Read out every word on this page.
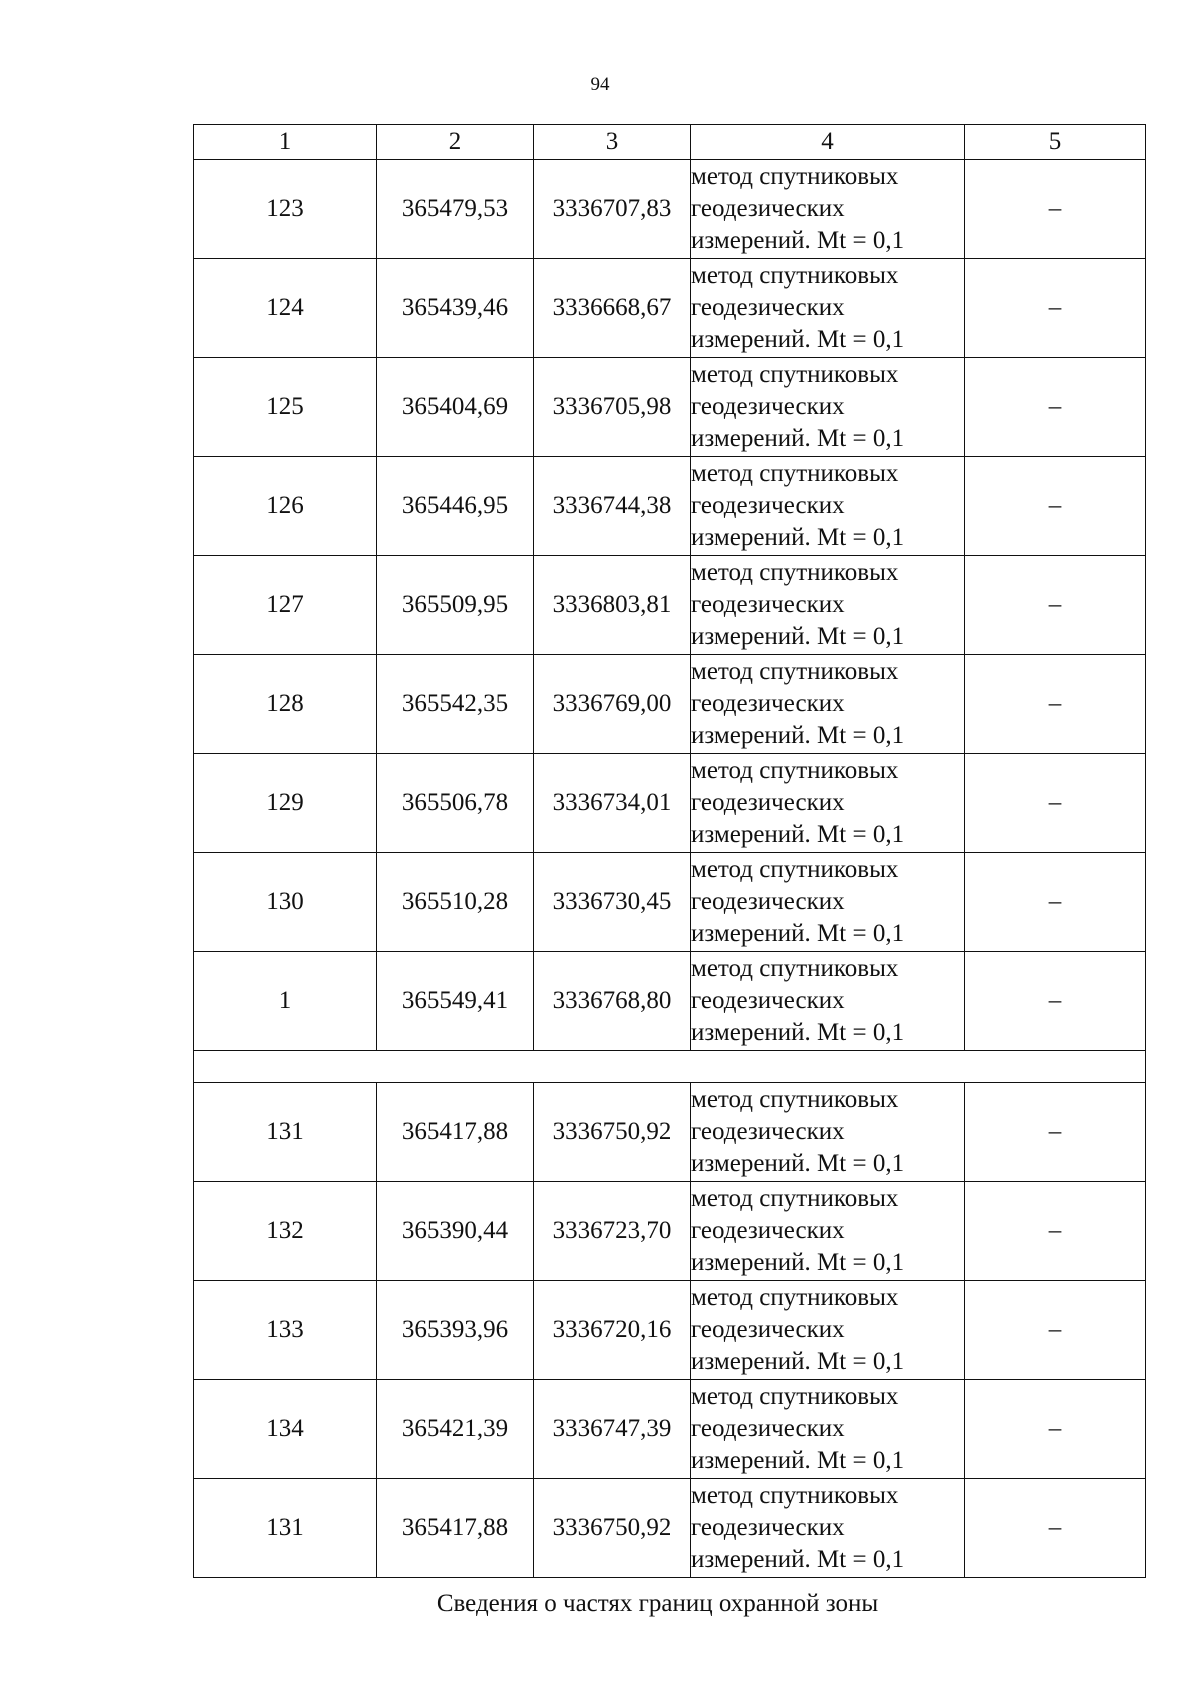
94
1	2	3	4	5
123	365479,53	3336707,83	метод спутниковых
геодезических
измерений. Mt = 0,1	–
124	365439,46	3336668,67	метод спутниковых
геодезических
измерений. Mt = 0,1	–
125	365404,69	3336705,98	метод спутниковых
геодезических
измерений. Mt = 0,1	–
126	365446,95	3336744,38	метод спутниковых
геодезических
измерений. Mt = 0,1	–
127	365509,95	3336803,81	метод спутниковых
геодезических
измерений. Mt = 0,1	–
128	365542,35	3336769,00	метод спутниковых
геодезических
измерений. Mt = 0,1	–
129	365506,78	3336734,01	метод спутниковых
геодезических
измерений. Mt = 0,1	–
130	365510,28	3336730,45	метод спутниковых
геодезических
измерений. Mt = 0,1	–
1	365549,41	3336768,80	метод спутниковых
геодезических
измерений. Mt = 0,1	–

131	365417,88	3336750,92	метод спутниковых
геодезических
измерений. Mt = 0,1	–
132	365390,44	3336723,70	метод спутниковых
геодезических
измерений. Mt = 0,1	–
133	365393,96	3336720,16	метод спутниковых
геодезических
измерений. Mt = 0,1	–
134	365421,39	3336747,39	метод спутниковых
геодезических
измерений. Mt = 0,1	–
131	365417,88	3336750,92	метод спутниковых
геодезических
измерений. Mt = 0,1	–
Сведения о частях границ охранной зоны
